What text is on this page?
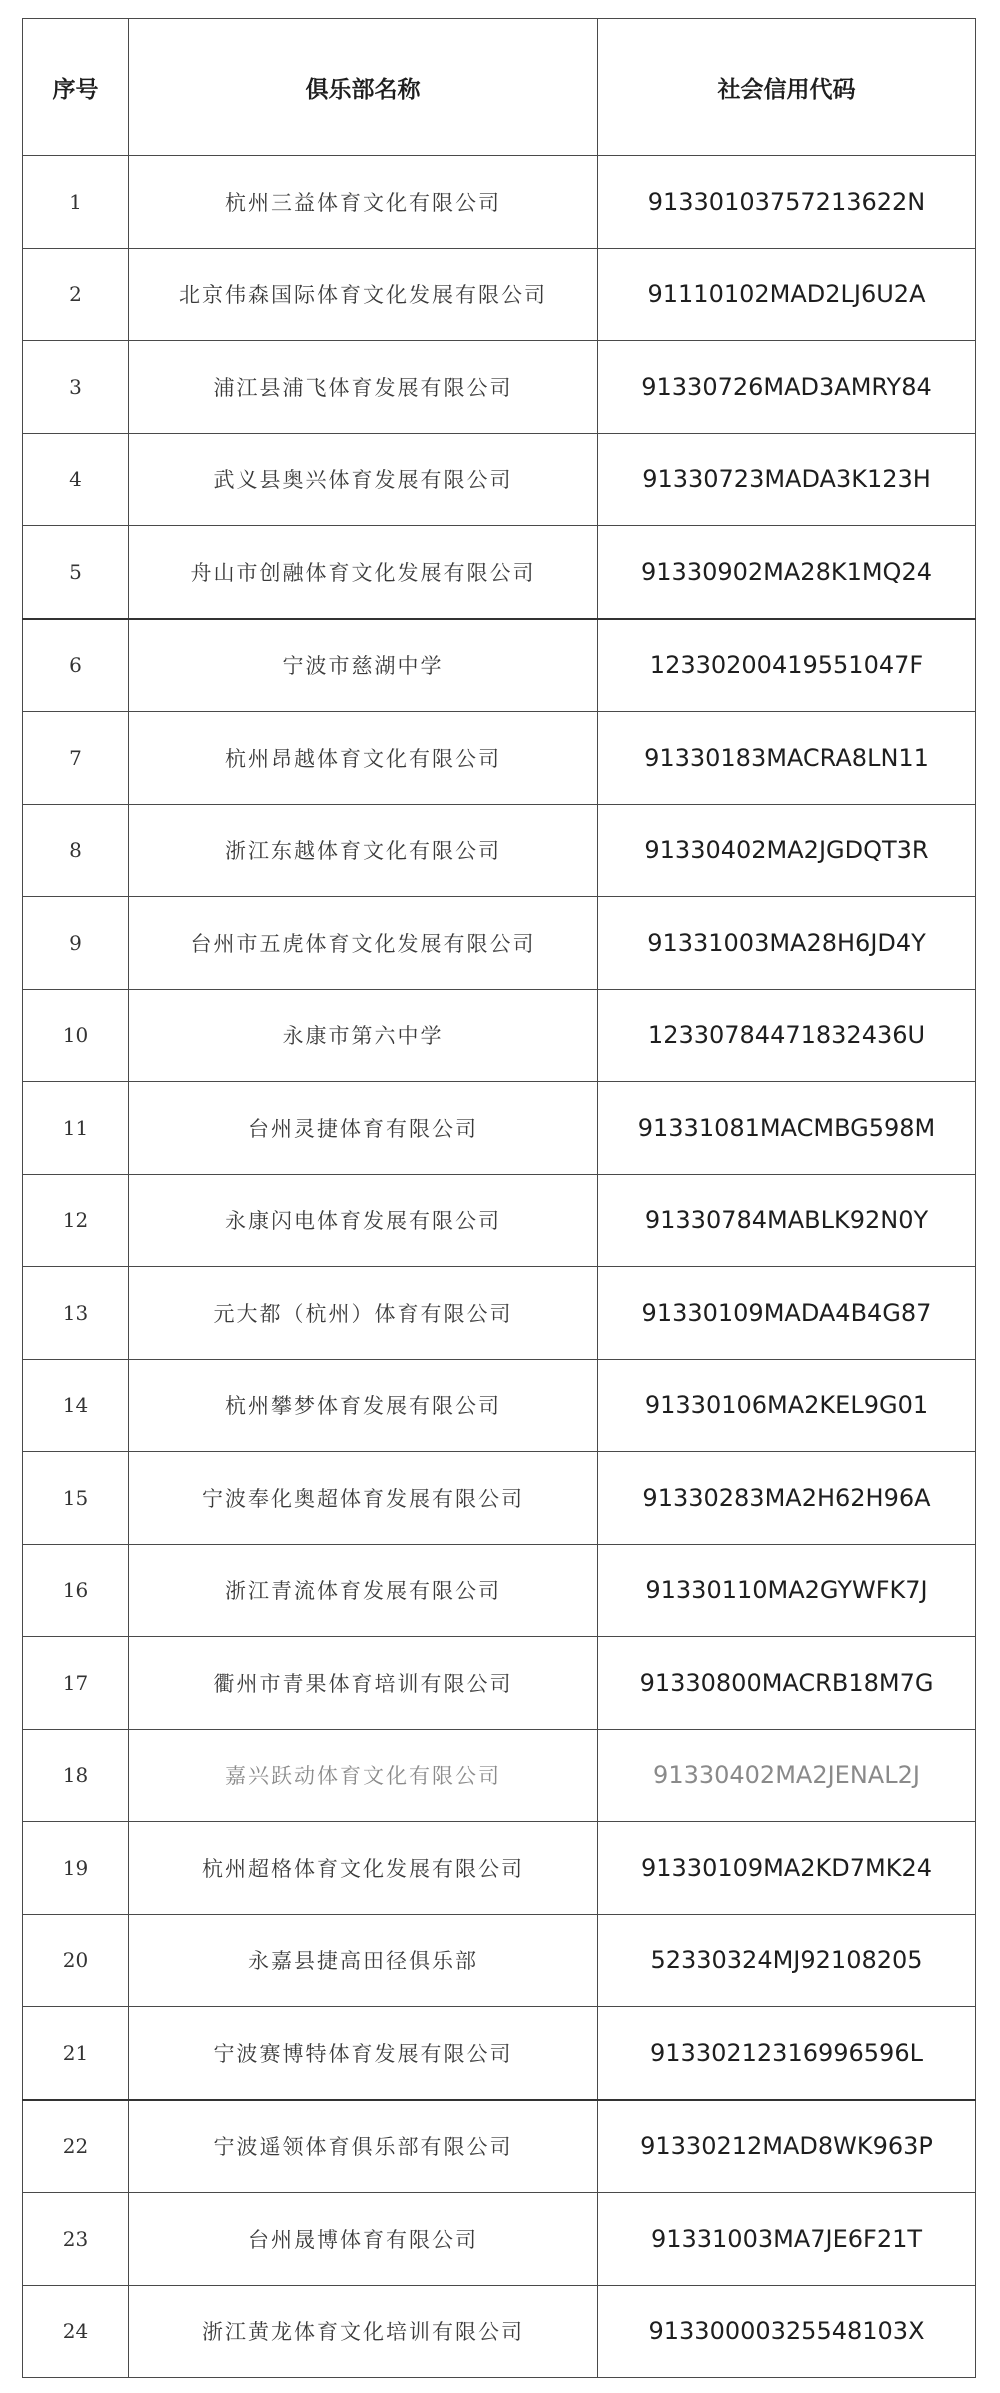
序号	俱乐部名称	社会信用代码
1	杭州三益体育文化有限公司	91330103757213622N
2	北京伟森国际体育文化发展有限公司	91110102MAD2LJ6U2A
3	浦江县浦飞体育发展有限公司	91330726MAD3AMRY84
4	武义县奥兴体育发展有限公司	91330723MADA3K123H
5	舟山市创融体育文化发展有限公司	91330902MA28K1MQ24
6	宁波市慈湖中学	12330200419551047F
7	杭州昂越体育文化有限公司	91330183MACRA8LN11
8	浙江东越体育文化有限公司	91330402MA2JGDQT3R
9	台州市五虎体育文化发展有限公司	91331003MA28H6JD4Y
10	永康市第六中学	12330784471832436U
11	台州灵捷体育有限公司	91331081MACMBG598M
12	永康闪电体育发展有限公司	91330784MABLK92N0Y
13	元大都（杭州）体育有限公司	91330109MADA4B4G87
14	杭州攀梦体育发展有限公司	91330106MA2KEL9G01
15	宁波奉化奥超体育发展有限公司	91330283MA2H62H96A
16	浙江青流体育发展有限公司	91330110MA2GYWFK7J
17	衢州市青果体育培训有限公司	91330800MACRB18M7G
18	嘉兴跃动体育文化有限公司	91330402MA2JENAL2J
19	杭州超格体育文化发展有限公司	91330109MA2KD7MK24
20	永嘉县捷高田径俱乐部	52330324MJ92108205
21	宁波赛博特体育发展有限公司	91330212316996596L
22	宁波遥领体育俱乐部有限公司	91330212MAD8WK963P
23	台州晟博体育有限公司	91331003MA7JE6F21T
24	浙江黄龙体育文化培训有限公司	91330000325548103X
